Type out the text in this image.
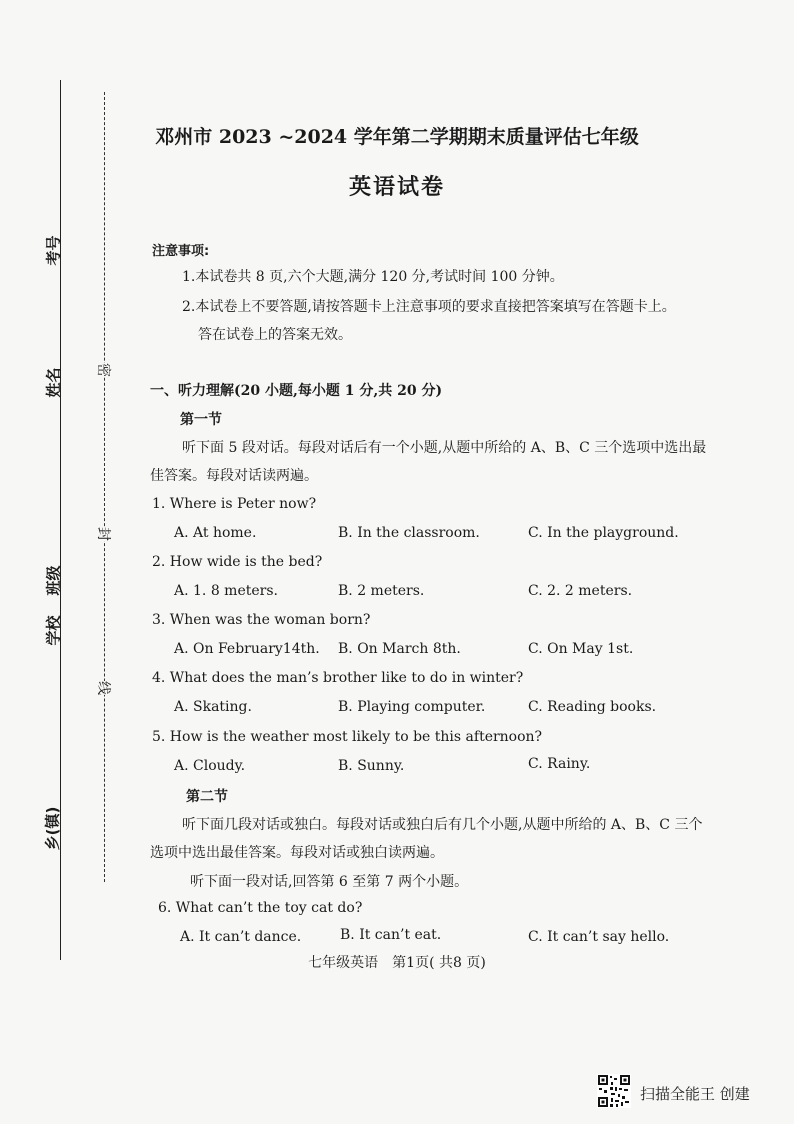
考号
姓名
班级
学校
乡(镇)
密
封
线
邓州市 2023 ~2024 学年第二学期期末质量评估七年级
英语试卷
注意事项:
1.本试卷共 8 页,六个大题,满分 120 分,考试时间 100 分钟。
2.本试卷上不要答题,请按答题卡上注意事项的要求直接把答案填写在答题卡上。
答在试卷上的答案无效。
一、听力理解(20 小题,每小题 1 分,共 20 分)
第一节
听下面 5 段对话。每段对话后有一个小题,从题中所给的 A、B、C 三个选项中选出最
佳答案。每段对话读两遍。
1. Where is Peter now?
A. At home.	B. In the classroom.	C. In the playground.
2. How wide is the bed?
A. 1. 8 meters.	B. 2 meters.	C. 2. 2 meters.
3. When was the woman born?
A. On February14th. B. On March 8th.	C. On May 1st.
4. What does the man’s brother like to do in winter?
A. Skating.	B. Playing computer.	C. Reading books.
5. How is the weather most likely to be this afternoon?
A. Cloudy.	B. Sunny.	C. Rainy.
第二节
听下面几段对话或独白。每段对话或独白后有几个小题,从题中所给的 A、B、C 三个
选项中选出最佳答案。每段对话或独白读两遍。
听下面一段对话,回答第 6 至第 7 两个小题。
6. What can’t the toy cat do?
A. It can’t dance.	B. It can’t eat.	C. It can’t say hello.
七年级英语　第1页( 共8 页)
扫描全能王 创建
